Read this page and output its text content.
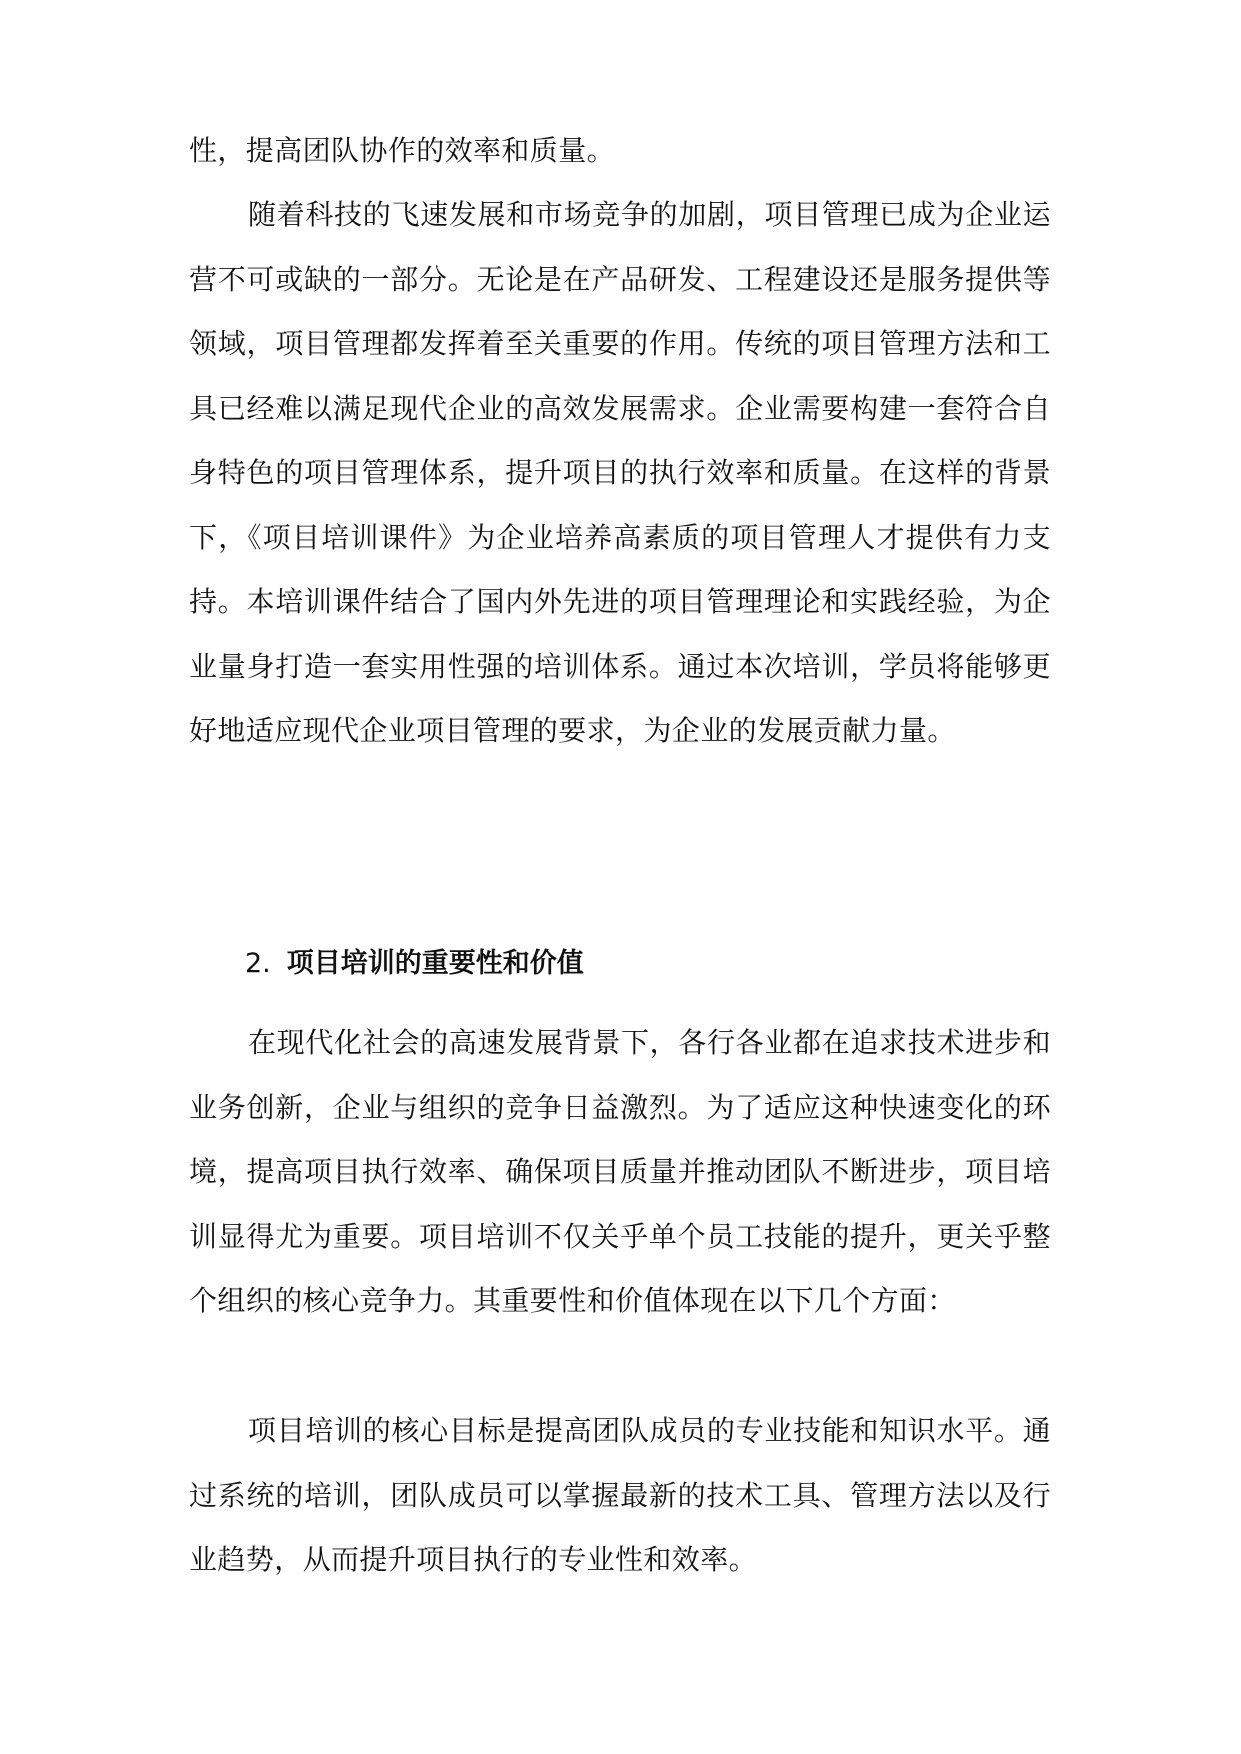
性，提高团队协作的效率和质量。

随着科技的飞速发展和市场竞争的加剧，项目管理已成为企业运营不可或缺的一部分。无论是在产品研发、工程建设还是服务提供等领域，项目管理都发挥着至关重要的作用。传统的项目管理方法和工具已经难以满足现代企业的高效发展需求。企业需要构建一套符合自身特色的项目管理体系，提升项目的执行效率和质量。在这样的背景下，《项目培训课件》为企业培养高素质的项目管理人才提供有力支持。本培训课件结合了国内外先进的项目管理理论和实践经验，为企业量身打造一套实用性强的培训体系。通过本次培训，学员将能够更好地适应现代企业项目管理的要求，为企业的发展贡献力量。

2. 项目培训的重要性和价值

在现代化社会的高速发展背景下，各行各业都在追求技术进步和业务创新，企业与组织的竞争日益激烈。为了适应这种快速变化的环境，提高项目执行效率、确保项目质量并推动团队不断进步，项目培训显得尤为重要。项目培训不仅关乎单个员工技能的提升，更关乎整个组织的核心竞争力。其重要性和价值体现在以下几个方面：

项目培训的核心目标是提高团队成员的专业技能和知识水平。通过系统的培训，团队成员可以掌握最新的技术工具、管理方法以及行业趋势，从而提升项目执行的专业性和效率。
